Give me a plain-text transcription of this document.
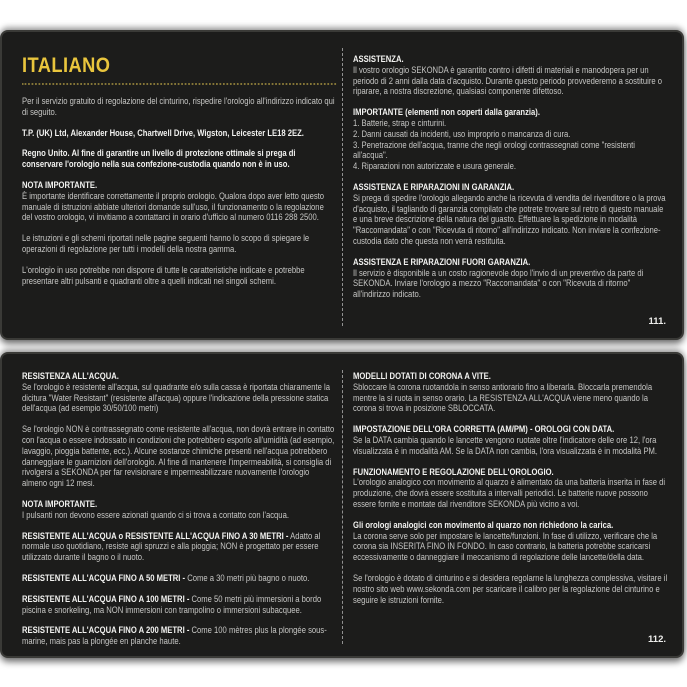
ITALIANO

Per il servizio gratuito di regolazione del cinturino, rispedire l'orologio all'indirizzo indicato qui di seguito.

T.P. (UK) Ltd, Alexander House, Chartwell Drive, Wigston, Leicester LE18 2EZ.

Regno Unito. Al fine di garantire un livello di protezione ottimale si prega di conservare l'orologio nella sua confezione-custodia quando non è in uso.

NOTA IMPORTANTE.
È importante identificare correttamente il proprio orologio. Qualora dopo aver letto questo manuale di istruzioni abbiate ulteriori domande sull'uso, il funzionamento o la regolazione del vostro orologio, vi invitiamo a contattarci in orario d'ufficio al numero 0116 288 2500.

Le istruzioni e gli schemi riportati nelle pagine seguenti hanno lo scopo di spiegare le operazioni di regolazione per tutti i modelli della nostra gamma.

L'orologio in uso potrebbe non disporre di tutte le caratteristiche indicate e potrebbe presentare altri pulsanti e quadranti oltre a quelli indicati nei singoli schemi.

ASSISTENZA.
Il vostro orologio SEKONDA è garantito contro i difetti di materiali e manodopera per un periodo di 2 anni dalla data d'acquisto. Durante questo periodo provvederemo a sostituire o riparare, a nostra discrezione, qualsiasi componente difettoso.

IMPORTANTE (elementi non coperti dalla garanzia).
1. Batterie, strap e cinturini.
2. Danni causati da incidenti, uso improprio o mancanza di cura.
3. Penetrazione dell'acqua, tranne che negli orologi contrassegnati come "resistenti all'acqua".
4. Riparazioni non autorizzate e usura generale.

ASSISTENZA E RIPARAZIONI IN GARANZIA.
Si prega di spedire l'orologio allegando anche la ricevuta di vendita del rivenditore o la prova d'acquisto, il tagliando di garanzia compilato che potrete trovare sul retro di questo manuale e una breve descrizione della natura del guasto. Effettuare la spedizione in modalità "Raccomandata" o con "Ricevuta di ritorno" all'indirizzo indicato. Non inviare la confezione-custodia dato che questa non verrà restituita.

ASSISTENZA E RIPARAZIONI FUORI GARANZIA.
Il servizio è disponibile a un costo ragionevole dopo l'invio di un preventivo da parte di SEKONDA. Inviare l'orologio a mezzo "Raccomandata" o con "Ricevuta di ritorno" all'indirizzo indicato.

111.

RESISTENZA ALL'ACQUA.
Se l'orologio è resistente all'acqua, sul quadrante e/o sulla cassa è riportata chiaramente la dicitura "Water Resistant" (resistente all'acqua) oppure l'indicazione della pressione statica dell'acqua (ad esempio 30/50/100 metri)

Se l'orologio NON è contrassegnato come resistente all'acqua, non dovrà entrare in contatto con l'acqua o essere indossato in condizioni che potrebbero esporlo all'umidità (ad esempio, lavaggio, pioggia battente, ecc.). Alcune sostanze chimiche presenti nell'acqua potrebbero danneggiare le guarnizioni dell'orologio. Al fine di mantenere l'impermeabilità, si consiglia di rivolgersi a SEKONDA per far revisionare e impermeabilizzare nuovamente l'orologio almeno ogni 12 mesi.

NOTA IMPORTANTE.
I pulsanti non devono essere azionati quando ci si trova a contatto con l'acqua.

RESISTENTE ALL'ACQUA o RESISTENTE ALL'ACQUA FINO A 30 METRI - Adatto al normale uso quotidiano, resiste agli spruzzi e alla pioggia; NON è progettato per essere utilizzato durante il bagno o il nuoto.

RESISTENTE ALL'ACQUA FINO A 50 METRI - Come a 30 metri più bagno o nuoto.

RESISTENTE ALL'ACQUA FINO A 100 METRI - Come 50 metri più immersioni a bordo piscina e snorkeling, ma NON immersioni con trampolino o immersioni subacquee.

RESISTENTE ALL'ACQUA FINO A 200 METRI - Come 100 mètres plus la plongée sous-marine, mais pas la plongée en planche haute.

MODELLI DOTATI DI CORONA A VITE.
Sbloccare la corona ruotandola in senso antiorario fino a liberarla. Bloccarla premendola mentre la si ruota in senso orario. La RESISTENZA ALL'ACQUA viene meno quando la corona si trova in posizione SBLOCCATA.

IMPOSTAZIONE DELL'ORA CORRETTA (AM/PM) - OROLOGI CON DATA.
Se la DATA cambia quando le lancette vengono ruotate oltre l'indicatore delle ore 12, l'ora visualizzata è in modalità AM. Se la DATA non cambia, l'ora visualizzata è in modalità PM.

FUNZIONAMENTO E REGOLAZIONE DELL'OROLOGIO.
L'orologio analogico con movimento al quarzo è alimentato da una batteria inserita in fase di produzione, che dovrà essere sostituita a intervalli periodici. Le batterie nuove possono essere fornite e montate dal rivenditore SEKONDA più vicino a voi.

Gli orologi analogici con movimento al quarzo non richiedono la carica.
La corona serve solo per impostare le lancette/funzioni. In fase di utilizzo, verificare che la corona sia INSERITA FINO IN FONDO. In caso contrario, la batteria potrebbe scaricarsi eccessivamente o danneggiare il meccanismo di regolazione delle lancette/della data.

Se l'orologio è dotato di cinturino e si desidera regolarne la lunghezza complessiva, visitare il nostro sito web www.sekonda.com per scaricare il calibro per la regolazione del cinturino e seguire le istruzioni fornite.

112.
